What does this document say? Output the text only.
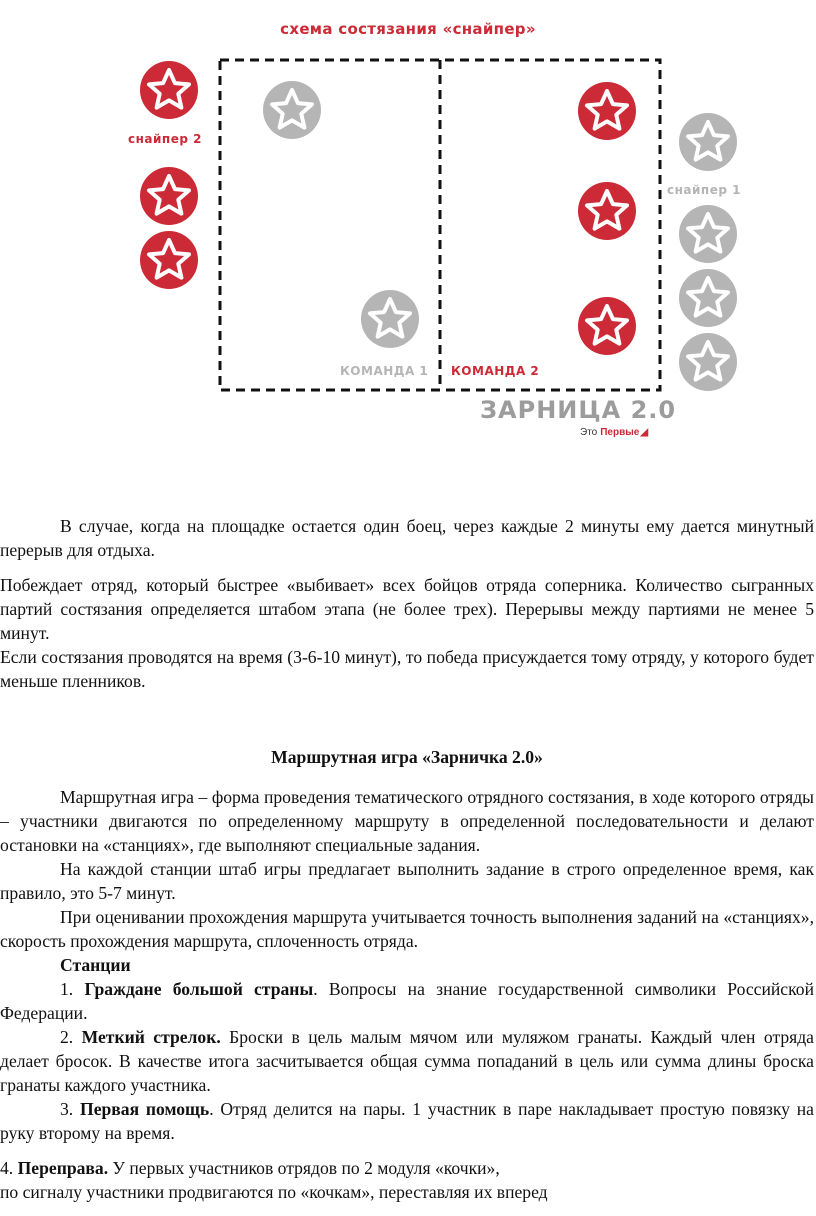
схема состязания «снайпер»
снайпер 2
снайпер 1
КОМАНДА 1 КОМАНДА 2
ЗАРНИЦА 2.0
Это Первые◢

В случае, когда на площадке остается один боец, через каждые 2 минуты ему дается минутный перерыв для отдыха.

Побеждает отряд, который быстрее «выбивает» всех бойцов отряда соперника. Количество сыгранных партий состязания определяется штабом этапа (не более трех). Перерывы между партиями не менее 5 минут.

Если состязания проводятся на время (3-6-10 минут), то победа присуждается тому отряду, у которого будет меньше пленников.

Маршрутная игра «Зарничка 2.0»

Маршрутная игра – форма проведения тематического отрядного состязания, в ходе которого отряды – участники двигаются по определенному маршруту в определенной последовательности и делают остановки на «станциях», где выполняют специальные задания.

На каждой станции штаб игры предлагает выполнить задание в строго определенное время, как правило, это 5-7 минут.

При оценивании прохождения маршрута учитывается точность выполнения заданий на «станциях», скорость прохождения маршрута, сплоченность отряда.

Станции

1. Граждане большой страны. Вопросы на знание государственной символики Российской Федерации.

2. Меткий стрелок. Броски в цель малым мячом или муляжом гранаты. Каждый член отряда делает бросок. В качестве итога засчитывается общая сумма попаданий в цель или сумма длины броска гранаты каждого участника.

3. Первая помощь. Отряд делится на пары. 1 участник в паре накладывает простую повязку на руку второму на время.

4. Переправа. У первых участников отрядов по 2 модуля «кочки»,

по сигналу участники продвигаются по «кочкам», переставляя их вперед
